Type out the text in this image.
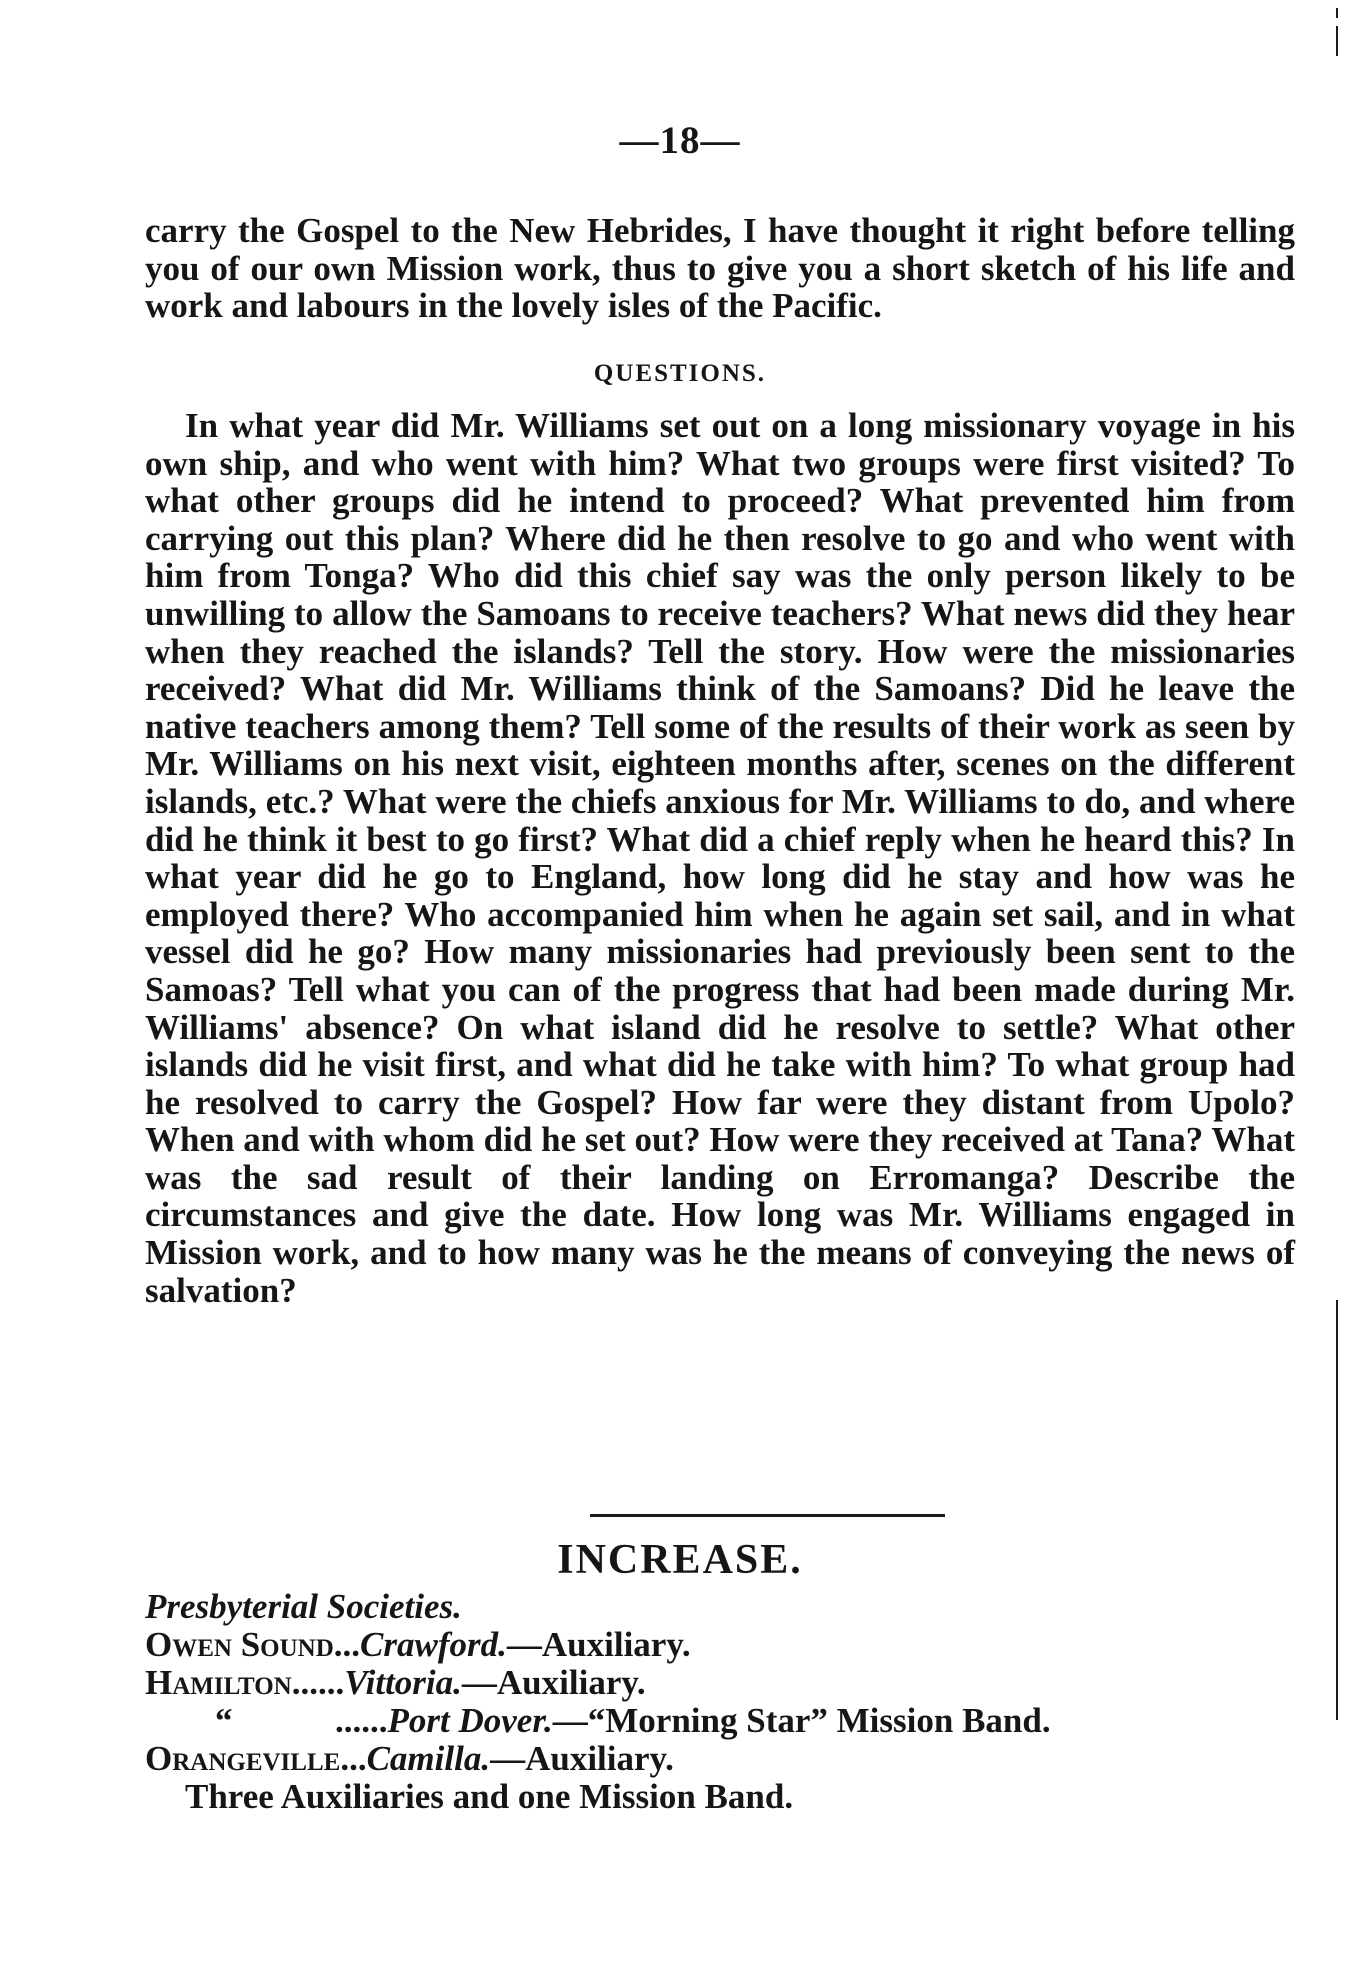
—18—
carry the Gospel to the New Hebrides, I have thought it right before telling you of our own Mission work, thus to give you a short sketch of his life and work and labours in the lovely isles of the Pacific.
QUESTIONS.
In what year did Mr. Williams set out on a long missionary voyage in his own ship, and who went with him? What two groups were first visited? To what other groups did he intend to proceed? What prevented him from carrying out this plan? Where did he then resolve to go and who went with him from Tonga? Who did this chief say was the only person likely to be unwilling to allow the Samoans to receive teachers? What news did they hear when they reached the islands? Tell the story. How were the missionaries received? What did Mr. Williams think of the Samoans? Did he leave the native teachers among them? Tell some of the results of their work as seen by Mr. Williams on his next visit, eighteen months after, scenes on the different islands, etc.? What were the chiefs anxious for Mr. Williams to do, and where did he think it best to go first? What did a chief reply when he heard this? In what year did he go to England, how long did he stay and how was he employed there? Who accompanied him when he again set sail, and in what vessel did he go? How many missionaries had previously been sent to the Samoas? Tell what you can of the progress that had been made during Mr. Williams' absence? On what island did he resolve to settle? What other islands did he visit first, and what did he take with him? To what group had he resolved to carry the Gospel? How far were they distant from Upolo? When and with whom did he set out? How were they received at Tana? What was the sad result of their landing on Erromanga? Describe the circumstances and give the date. How long was Mr. Williams engaged in Mission work, and to how many was he the means of conveying the news of salvation?
INCREASE.
Presbyterial Societies.
Owen Sound...Crawford.—Auxiliary.
Hamilton......Vittoria.—Auxiliary.
“	......Port Dover.—“Morning Star” Mission Band.
Orangeville...Camilla.—Auxiliary.
Three Auxiliaries and one Mission Band.
